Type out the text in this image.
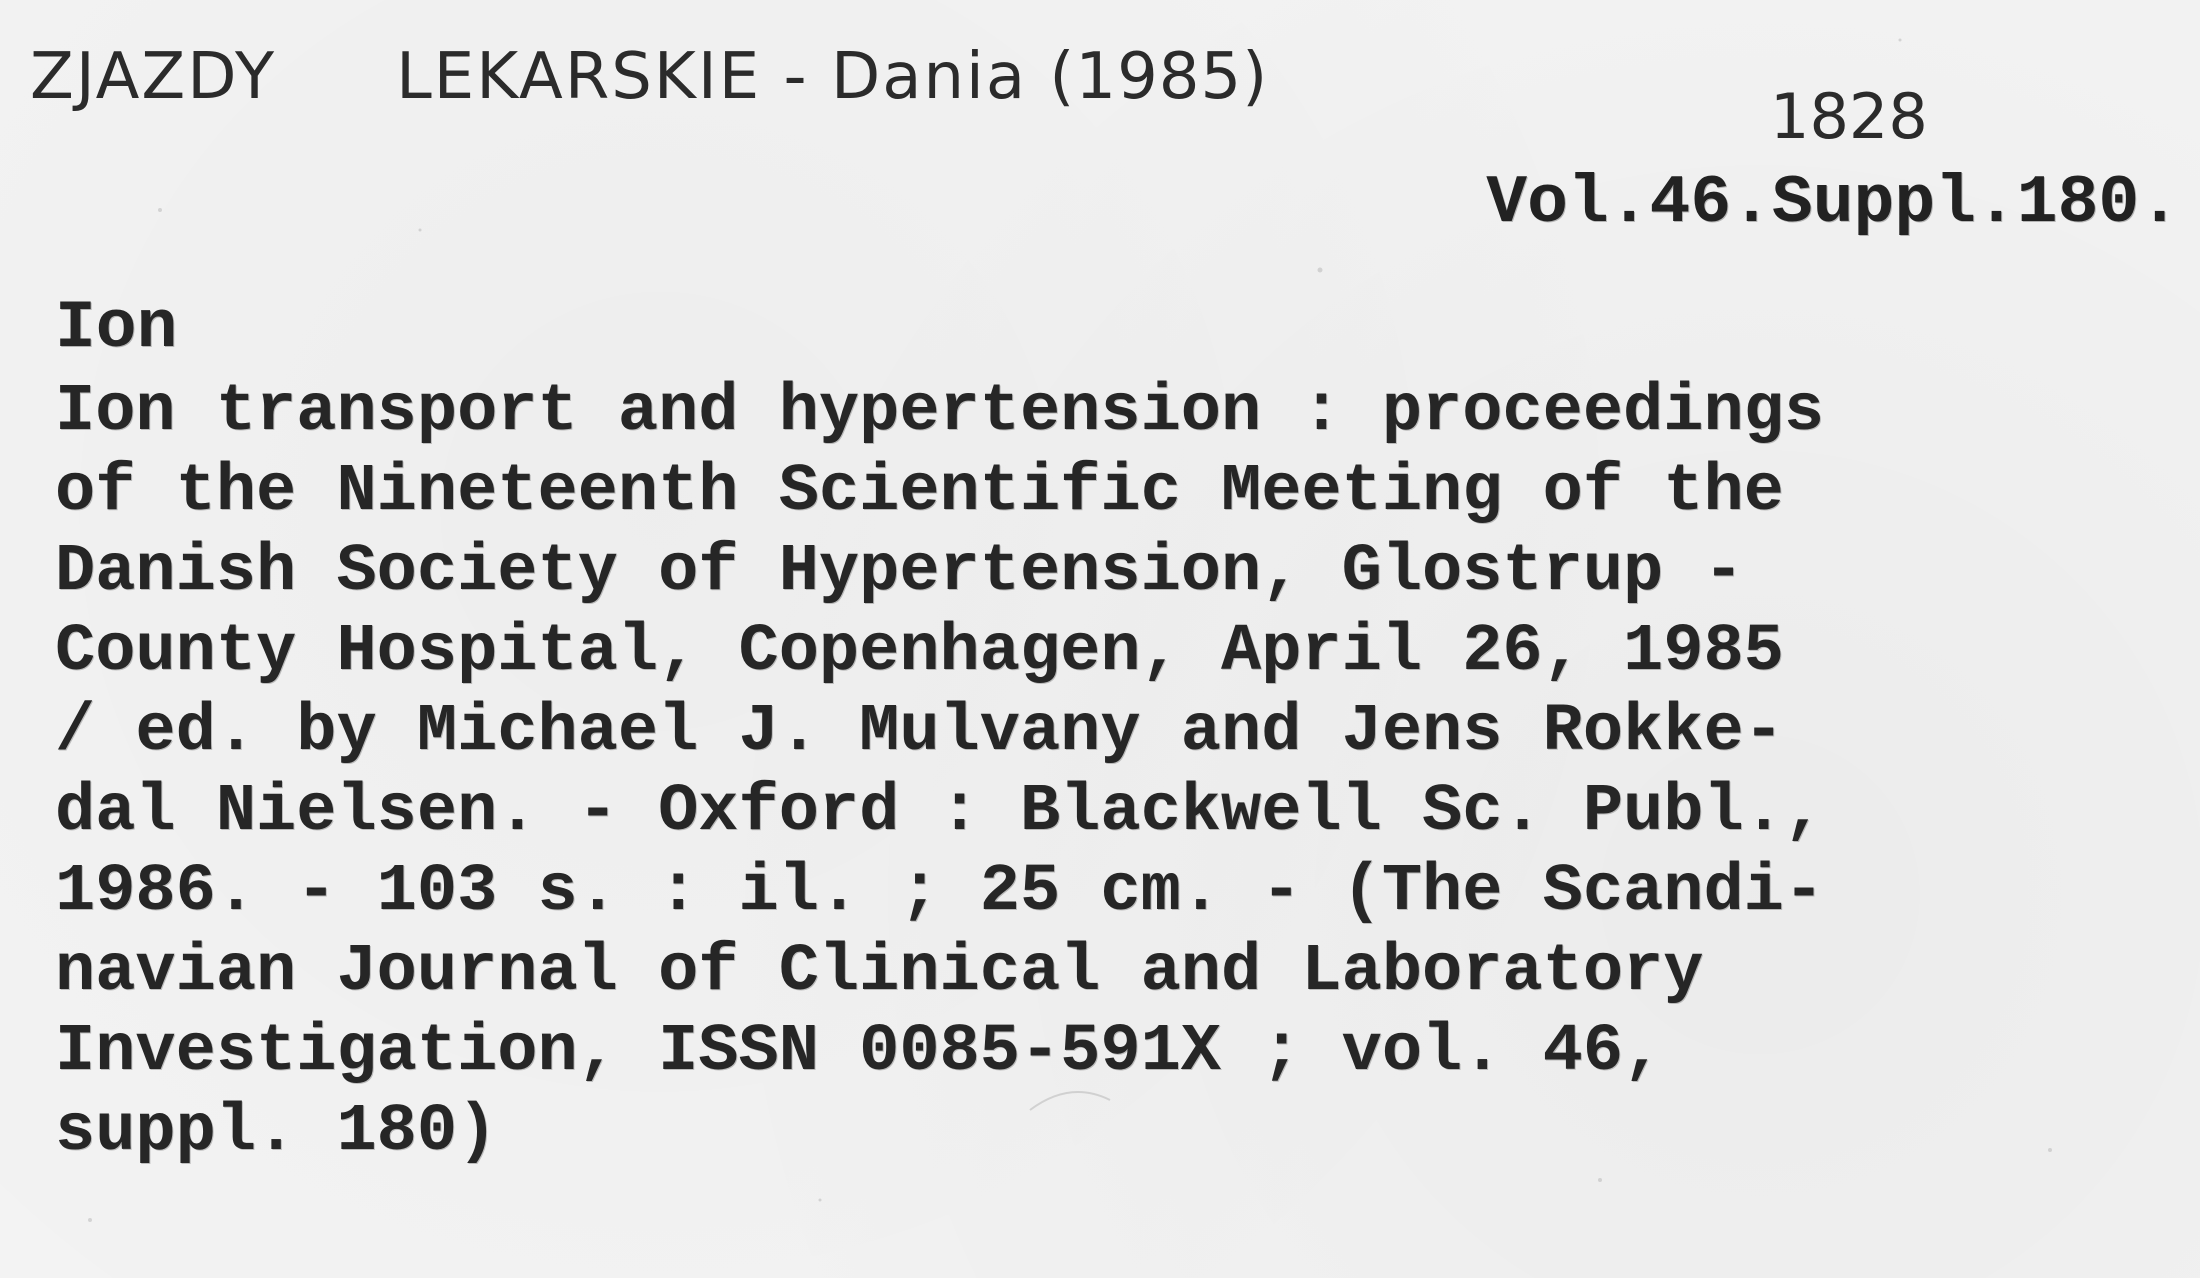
ZJAZDY LEKARSKIE - Dania (1985)
1828
Vol.46.Suppl.180.
Ion
Ion transport and hypertension : proceedings
of the Nineteenth Scientific Meeting of the
Danish Society of Hypertension, Glostrup -
County Hospital, Copenhagen, April 26, 1985
/ ed. by Michael J. Mulvany and Jens Rokke-
dal Nielsen. - Oxford : Blackwell Sc. Publ.,
1986. - 103 s. : il. ; 25 cm. - (The Scandi-
navian Journal of Clinical and Laboratory
Investigation, ISSN 0085-591X ; vol. 46,
suppl. 180)
